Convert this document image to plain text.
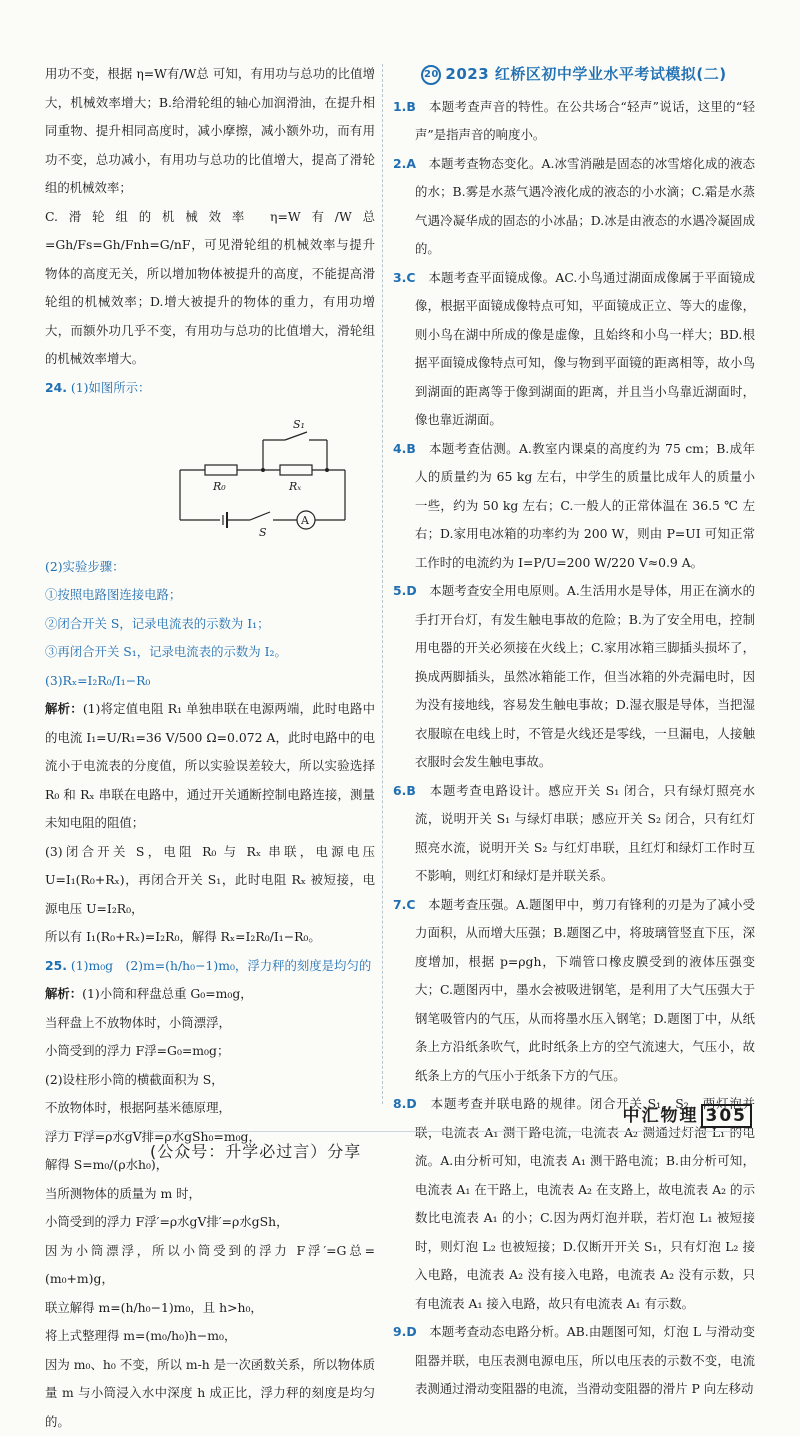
用功不变，根据 η=W有/W总 可知，有用功与总功的比值增大，机械效率增大；B.给滑轮组的轴心加润滑油，在提升相同重物、提升相同高度时，减小摩擦，减小额外功，而有用功不变，总功减小，有用功与总功的比值增大，提高了滑轮组的机械效率；

C.滑轮组的机械效率 η=W有/W总=Gh/Fs=Gh/Fnh=G/nF，可见滑轮组的机械效率与提升物体的高度无关，所以增加物体被提升的高度，不能提高滑轮组的机械效率；D.增大被提升的物体的重力，有用功增大，而额外功几乎不变，有用功与总功的比值增大，滑轮组的机械效率增大。

24. (1)如图所示：

S₁
R₀	Rₓ
S
A

(2)实验步骤：

①按照电路图连接电路；

②闭合开关 S，记录电流表的示数为 I₁；

③再闭合开关 S₁，记录电流表的示数为 I₂。

(3)Rₓ=I₂R₀/I₁−R₀

解析：(1)将定值电阻 R₁ 单独串联在电源两端，此时电路中的电流 I₁=U/R₁=36 V/500 Ω=0.072 A，此时电路中的电流小于电流表的分度值，所以实验误差较大，所以实验选择 R₀ 和 Rₓ 串联在电路中，通过开关通断控制电路连接，测量未知电阻的阻值；

(3)闭合开关 S，电阻 R₀ 与 Rₓ 串联，电源电压 U=I₁(R₀+Rₓ)，再闭合开关 S₁，此时电阻 Rₓ 被短接，电源电压 U=I₂R₀，

所以有 I₁(R₀+Rₓ)=I₂R₀，解得 Rₓ=I₂R₀/I₁−R₀。

25. (1)m₀g　(2)m=(h/h₀−1)m₀，浮力秤的刻度是均匀的

解析：(1)小筒和秤盘总重 G₀=m₀g，

当秤盘上不放物体时，小筒漂浮，

小筒受到的浮力 F浮=G₀=m₀g；

(2)设柱形小筒的横截面积为 S，

不放物体时，根据阿基米德原理，

浮力 F浮=ρ水gV排=ρ水gSh₀=m₀g，

解得 S=m₀/(ρ水h₀)，

当所测物体的质量为 m 时，

小筒受到的浮力 F浮′=ρ水gV排′=ρ水gSh，

因为小筒漂浮，所以小筒受到的浮力 F浮′=G总=(m₀+m)g，

联立解得 m=(h/h₀−1)m₀，且 h>h₀，

将上式整理得 m=(m₀/h₀)h−m₀，

因为 m₀、h₀ 不变，所以 m-h 是一次函数关系，所以物体质量 m 与小筒浸入水中深度 h 成正比，浮力秤的刻度是均匀的。

20 2023 红桥区初中学业水平考试模拟(二)

1.B　 本题考查声音的特性。在公共场合“轻声”说话，这里的“轻声”是指声音的响度小。

2.A　 本题考查物态变化。A.冰雪消融是固态的冰雪熔化成的液态的水；B.雾是水蒸气遇冷液化成的液态的小水滴；C.霜是水蒸气遇冷凝华成的固态的小冰晶；D.冰是由液态的水遇冷凝固成的。

3.C　 本题考查平面镜成像。AC.小鸟通过湖面成像属于平面镜成像，根据平面镜成像特点可知，平面镜成正立、等大的虚像，则小鸟在湖中所成的像是虚像，且始终和小鸟一样大；BD.根据平面镜成像特点可知，像与物到平面镜的距离相等，故小鸟到湖面的距离等于像到湖面的距离，并且当小鸟靠近湖面时，像也靠近湖面。

4.B　 本题考查估测。A.教室内课桌的高度约为 75 cm；B.成年人的质量约为 65 kg 左右，中学生的质量比成年人的质量小一些，约为 50 kg 左右；C.一般人的正常体温在 36.5 ℃ 左右；D.家用电冰箱的功率约为 200 W，则由 P=UI 可知正常工作时的电流约为 I=P/U=200 W/220 V≈0.9 A。

5.D　 本题考查安全用电原则。A.生活用水是导体，用正在滴水的手打开台灯，有发生触电事故的危险；B.为了安全用电，控制用电器的开关必须接在火线上；C.家用冰箱三脚插头损坏了，换成两脚插头，虽然冰箱能工作，但当冰箱的外壳漏电时，因为没有接地线，容易发生触电事故；D.湿衣服是导体，当把湿衣服晾在电线上时，不管是火线还是零线，一旦漏电，人接触衣服时会发生触电事故。

6.B　 本题考查电路设计。感应开关 S₁ 闭合，只有绿灯照亮水流，说明开关 S₁ 与绿灯串联；感应开关 S₂ 闭合，只有红灯照亮水流，说明开关 S₂ 与红灯串联，且红灯和绿灯工作时互不影响，则红灯和绿灯是并联关系。

7.C　 本题考查压强。A.题图甲中，剪刀有锋利的刃是为了减小受力面积，从而增大压强；B.题图乙中，将玻璃管竖直下压，深度增加，根据 p=ρgh，下端管口橡皮膜受到的液体压强变大；C.题图丙中，墨水会被吸进钢笔，是利用了大气压强大于钢笔吸管内的气压，从而将墨水压入钢笔；D.题图丁中，从纸条上方沿纸条吹气，此时纸条上方的空气流速大，气压小，故纸条上方的气压小于纸条下方的气压。

8.D　 本题考查并联电路的规律。闭合开关 S₁、S₂，两灯泡并联，电流表 A₁ 测干路电流，电流表 A₂ 测通过灯泡 L₁ 的电流。A.由分析可知，电流表 A₁ 测干路电流；B.由分析可知，电流表 A₁ 在干路上，电流表 A₂ 在支路上，故电流表 A₂ 的示数比电流表 A₁ 的小；C.因为两灯泡并联，若灯泡 L₁ 被短接时，则灯泡 L₂ 也被短接；D.仅断开开关 S₁，只有灯泡 L₂ 接入电路，电流表 A₂ 没有接入电路，电流表 A₂ 没有示数，只有电流表 A₁ 接入电路，故只有电流表 A₁ 有示数。

9.D　 本题考查动态电路分析。AB.由题图可知，灯泡 L 与滑动变阻器并联，电压表测电源电压，所以电压表的示数不变，电流表测通过滑动变阻器的电流，当滑动变阻器的滑片 P 向左移动

中汇物理 305
(公众号：升学必过言）分享
